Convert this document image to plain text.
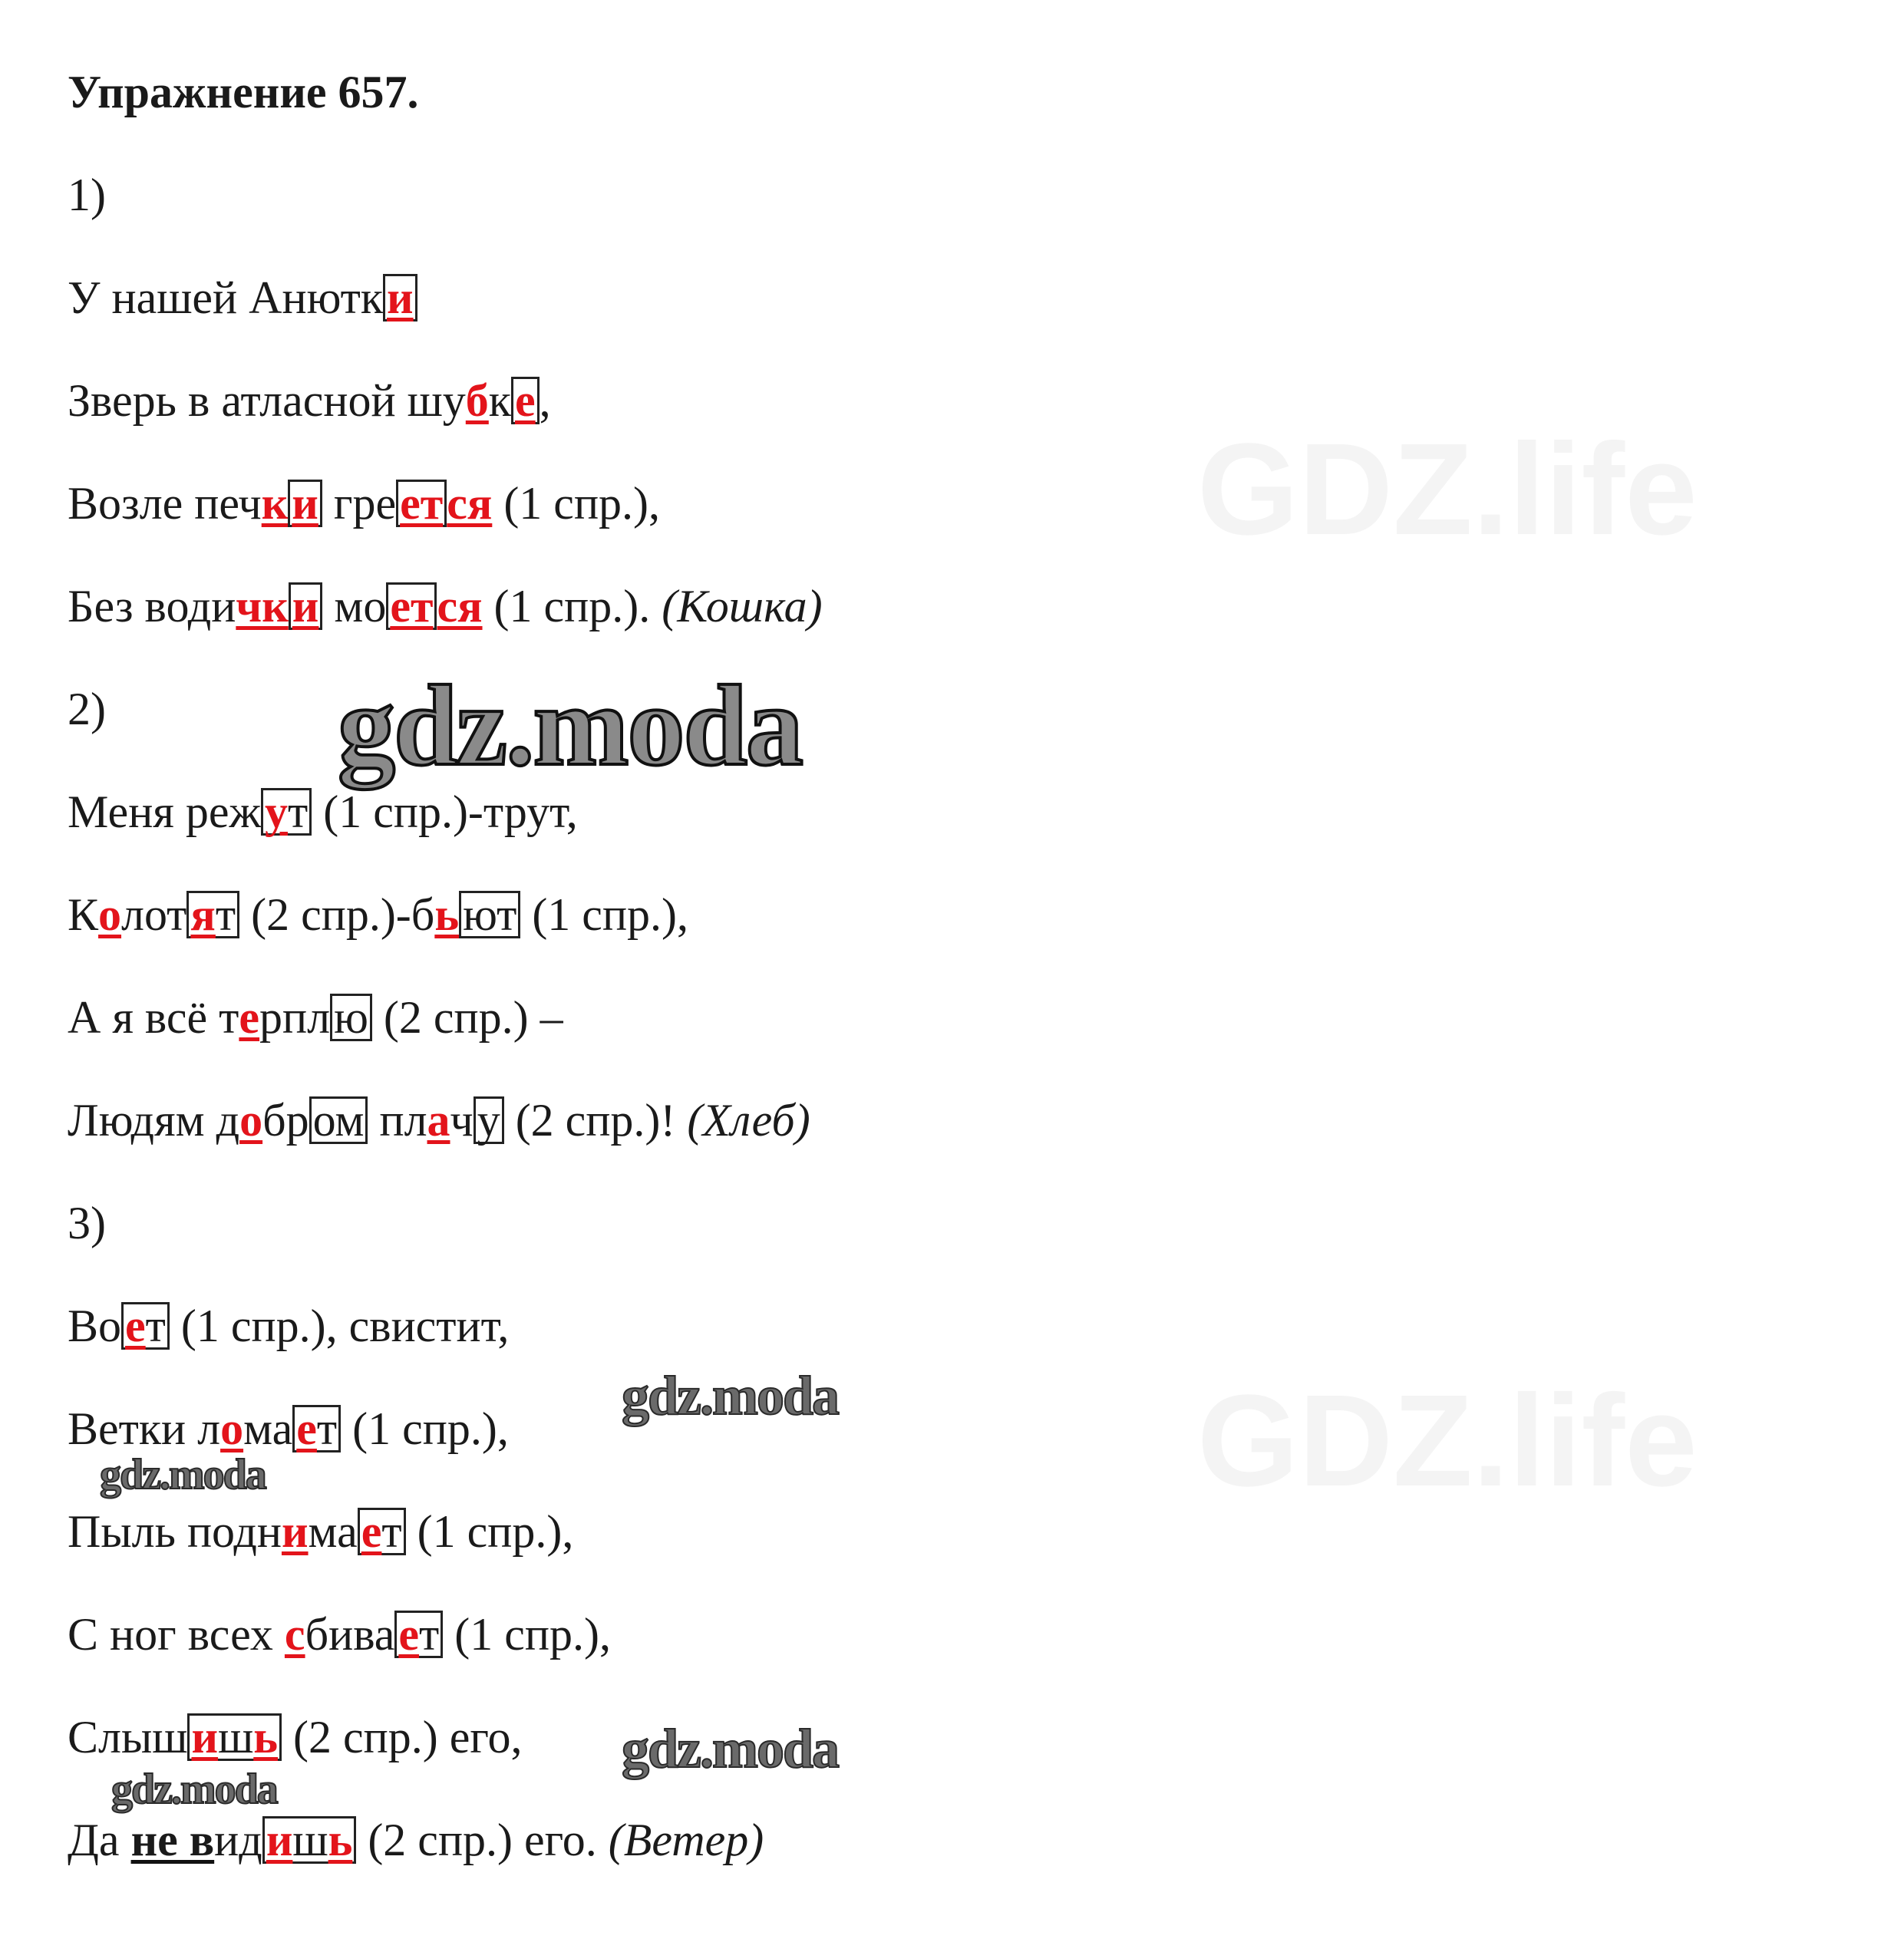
GDZ.life
GDZ.life
Упражнение 657.
1)
У нашей Анютки
Зверь в атласной шубке,
Возле печки греется (1 спр.),
Без водички моется (1 спр.). (Кошка)
2)
Меня режут (1 спр.)-трут,
Колотят (2 спр.)-бьют (1 спр.),
А я всё терплю (2 спр.) –
Людям добром плачу (2 спр.)! (Хлеб)
3)
Воет (1 спр.), свистит,
Ветки ломает (1 спр.),
Пыль поднимает (1 спр.),
С ног всех сбивает (1 спр.),
Слышишь (2 спр.) его,
Да не видишь (2 спр.) его. (Ветер)
gdz.moda
gdz.moda
gdz.moda
gdz.moda
gdz.moda
